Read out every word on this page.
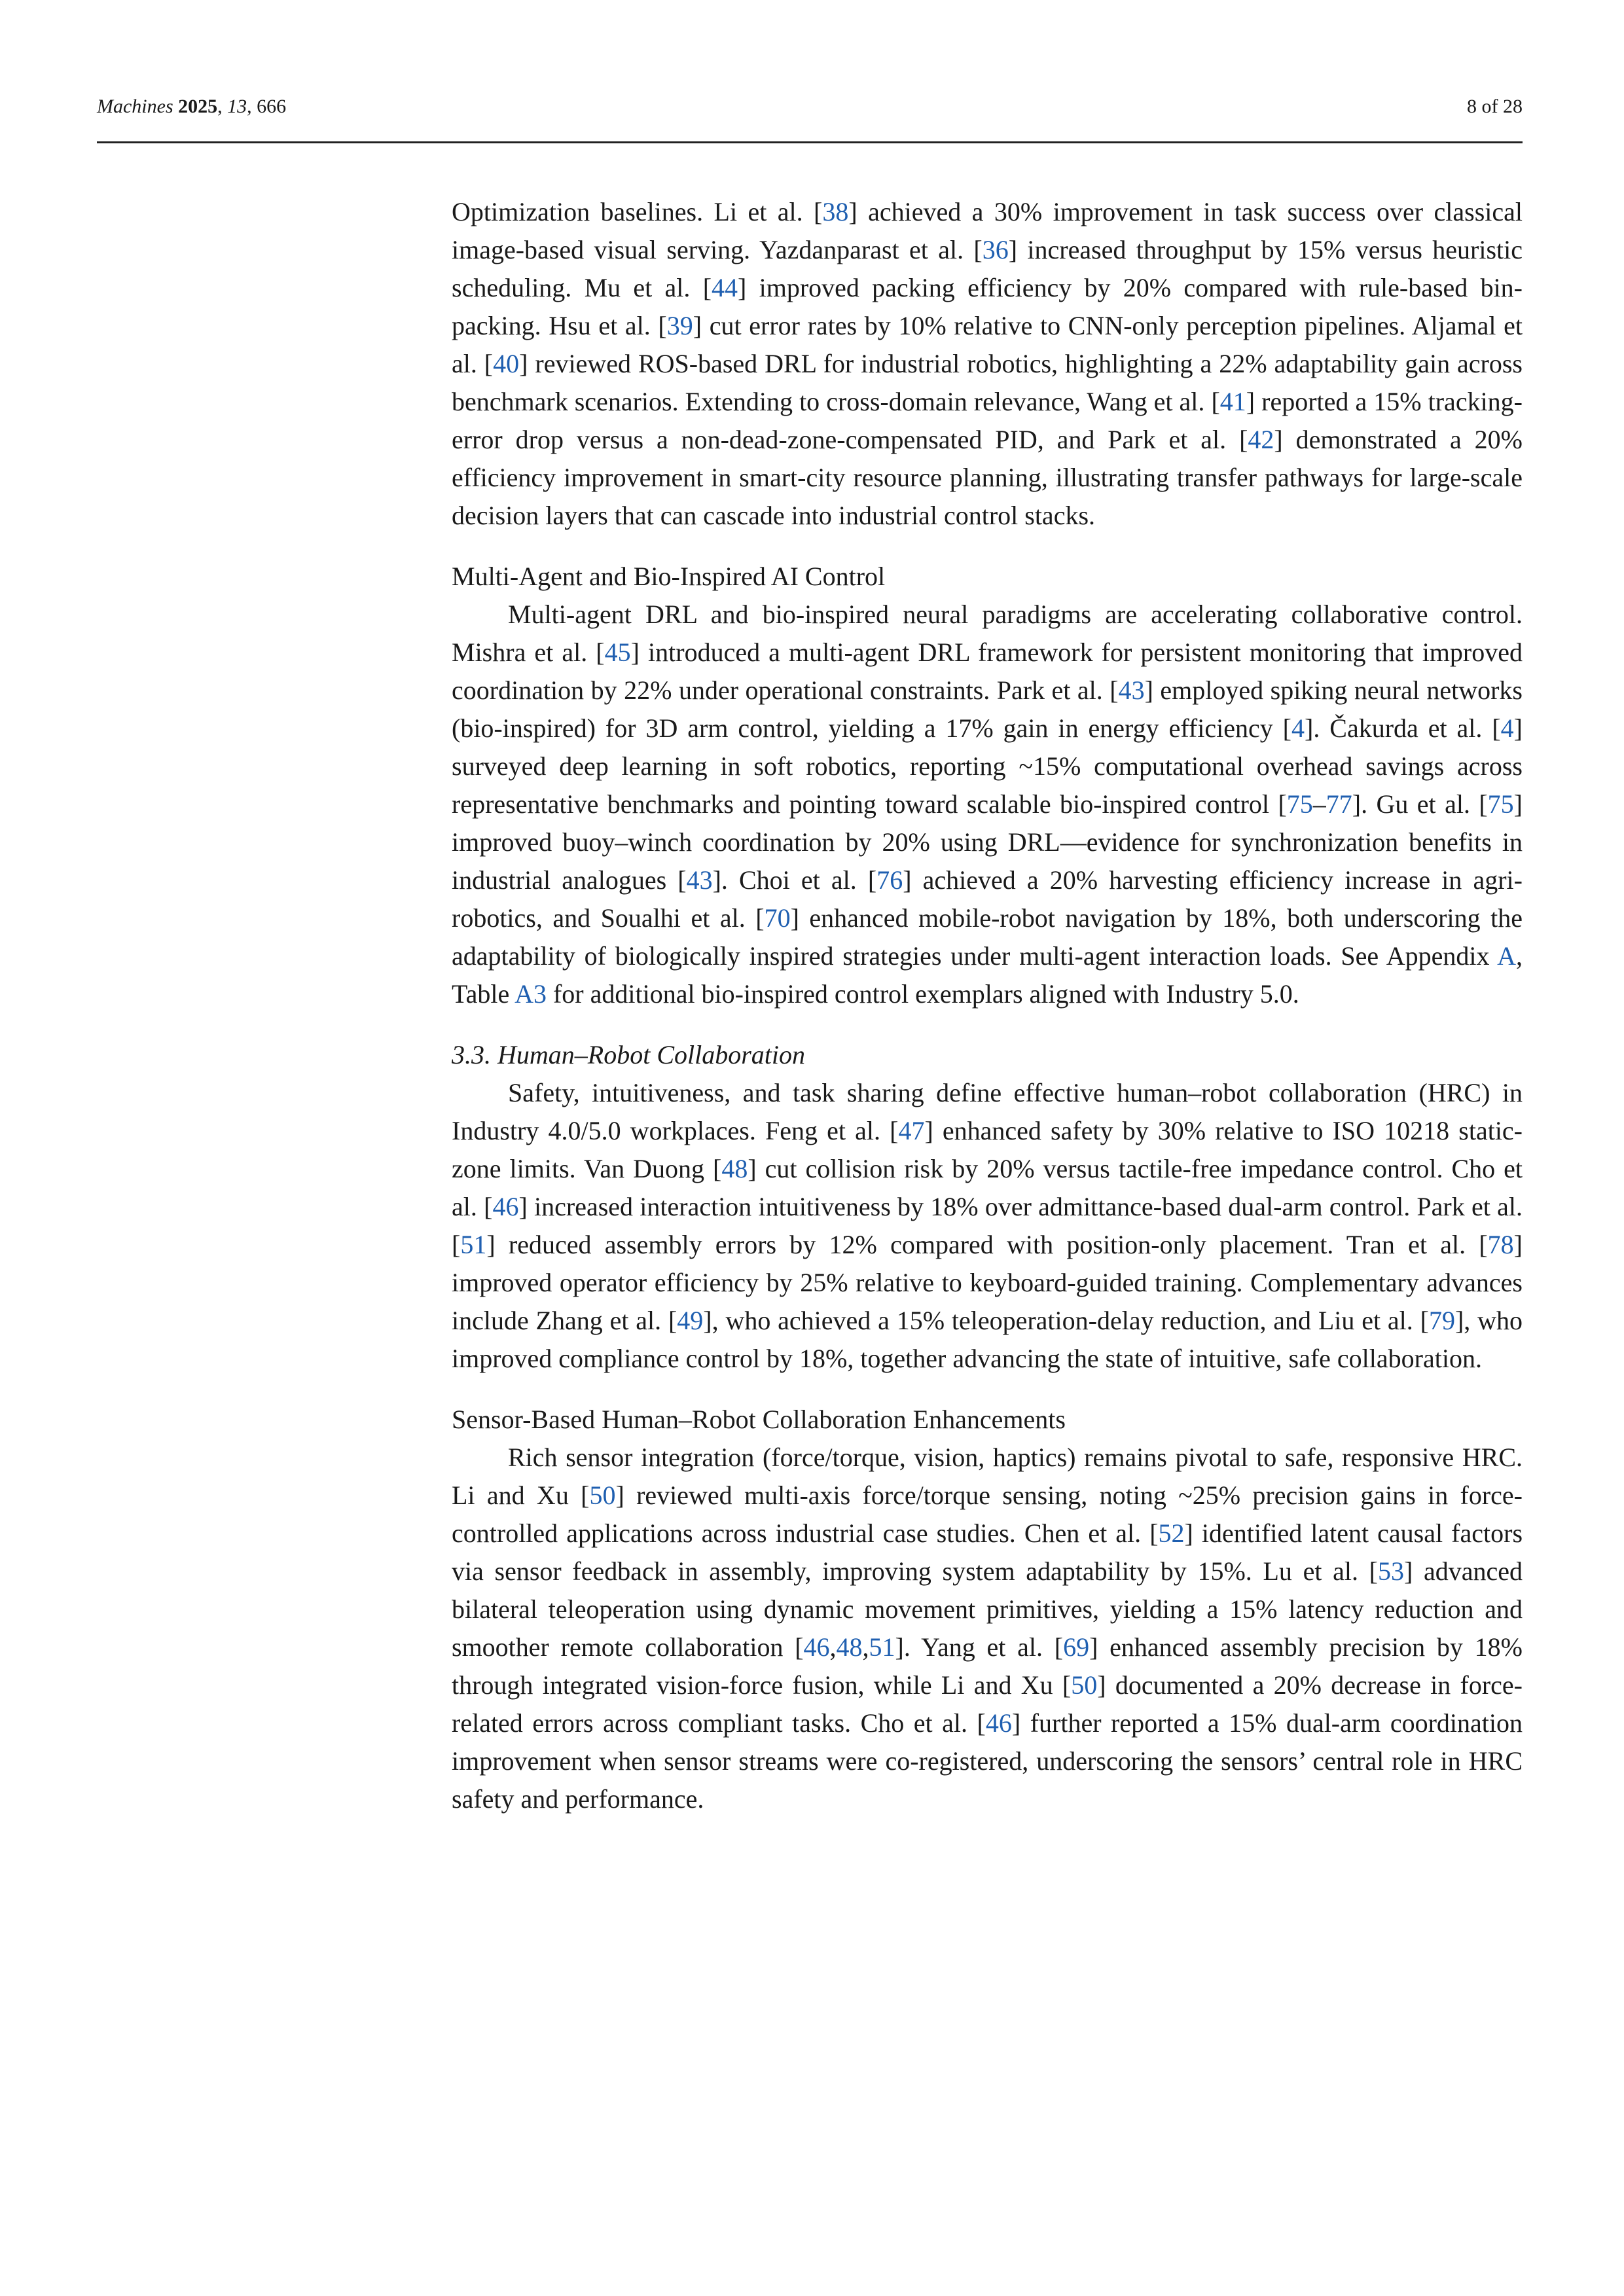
Machines 2025, 13, 666	8 of 28

Optimization baselines. Li et al. [38] achieved a 30% improvement in task success over classical image-based visual serving. Yazdanparast et al. [36] increased throughput by 15% versus heuristic scheduling. Mu et al. [44] improved packing efficiency by 20% compared with rule-based bin-packing. Hsu et al. [39] cut error rates by 10% relative to CNN-only perception pipelines. Aljamal et al. [40] reviewed ROS-based DRL for industrial robotics, highlighting a 22% adaptability gain across benchmark scenarios. Extending to cross-domain relevance, Wang et al. [41] reported a 15% tracking-error drop versus a non-dead-zone-compensated PID, and Park et al. [42] demonstrated a 20% efficiency improvement in smart-city resource planning, illustrating transfer pathways for large-scale decision layers that can cascade into industrial control stacks.

Multi-Agent and Bio-Inspired AI Control

Multi-agent DRL and bio-inspired neural paradigms are accelerating collaborative control. Mishra et al. [45] introduced a multi-agent DRL framework for persistent monitoring that improved coordination by 22% under operational constraints. Park et al. [43] employed spiking neural networks (bio-inspired) for 3D arm control, yielding a 17% gain in energy efficiency [4]. Čakurda et al. [4] surveyed deep learning in soft robotics, reporting ~15% computational overhead savings across representative benchmarks and pointing toward scalable bio-inspired control [75–77]. Gu et al. [75] improved buoy–winch coordination by 20% using DRL—evidence for synchronization benefits in industrial analogues [43]. Choi et al. [76] achieved a 20% harvesting efficiency increase in agri-robotics, and Soualhi et al. [70] enhanced mobile-robot navigation by 18%, both underscoring the adaptability of biologically inspired strategies under multi-agent interaction loads. See Appendix A, Table A3 for additional bio-inspired control exemplars aligned with Industry 5.0.

3.3. Human–Robot Collaboration

Safety, intuitiveness, and task sharing define effective human–robot collaboration (HRC) in Industry 4.0/5.0 workplaces. Feng et al. [47] enhanced safety by 30% relative to ISO 10218 static-zone limits. Van Duong [48] cut collision risk by 20% versus tactile-free impedance control. Cho et al. [46] increased interaction intuitiveness by 18% over admittance-based dual-arm control. Park et al. [51] reduced assembly errors by 12% compared with position-only placement. Tran et al. [78] improved operator efficiency by 25% relative to keyboard-guided training. Complementary advances include Zhang et al. [49], who achieved a 15% teleoperation-delay reduction, and Liu et al. [79], who improved compliance control by 18%, together advancing the state of intuitive, safe collaboration.

Sensor-Based Human–Robot Collaboration Enhancements

Rich sensor integration (force/torque, vision, haptics) remains pivotal to safe, responsive HRC. Li and Xu [50] reviewed multi-axis force/torque sensing, noting ~25% precision gains in force-controlled applications across industrial case studies. Chen et al. [52] identified latent causal factors via sensor feedback in assembly, improving system adaptability by 15%. Lu et al. [53] advanced bilateral teleoperation using dynamic movement primitives, yielding a 15% latency reduction and smoother remote collaboration [46,48,51]. Yang et al. [69] enhanced assembly precision by 18% through integrated vision-force fusion, while Li and Xu [50] documented a 20% decrease in force-related errors across compliant tasks. Cho et al. [46] further reported a 15% dual-arm coordination improvement when sensor streams were co-registered, underscoring the sensors’ central role in HRC safety and performance.
